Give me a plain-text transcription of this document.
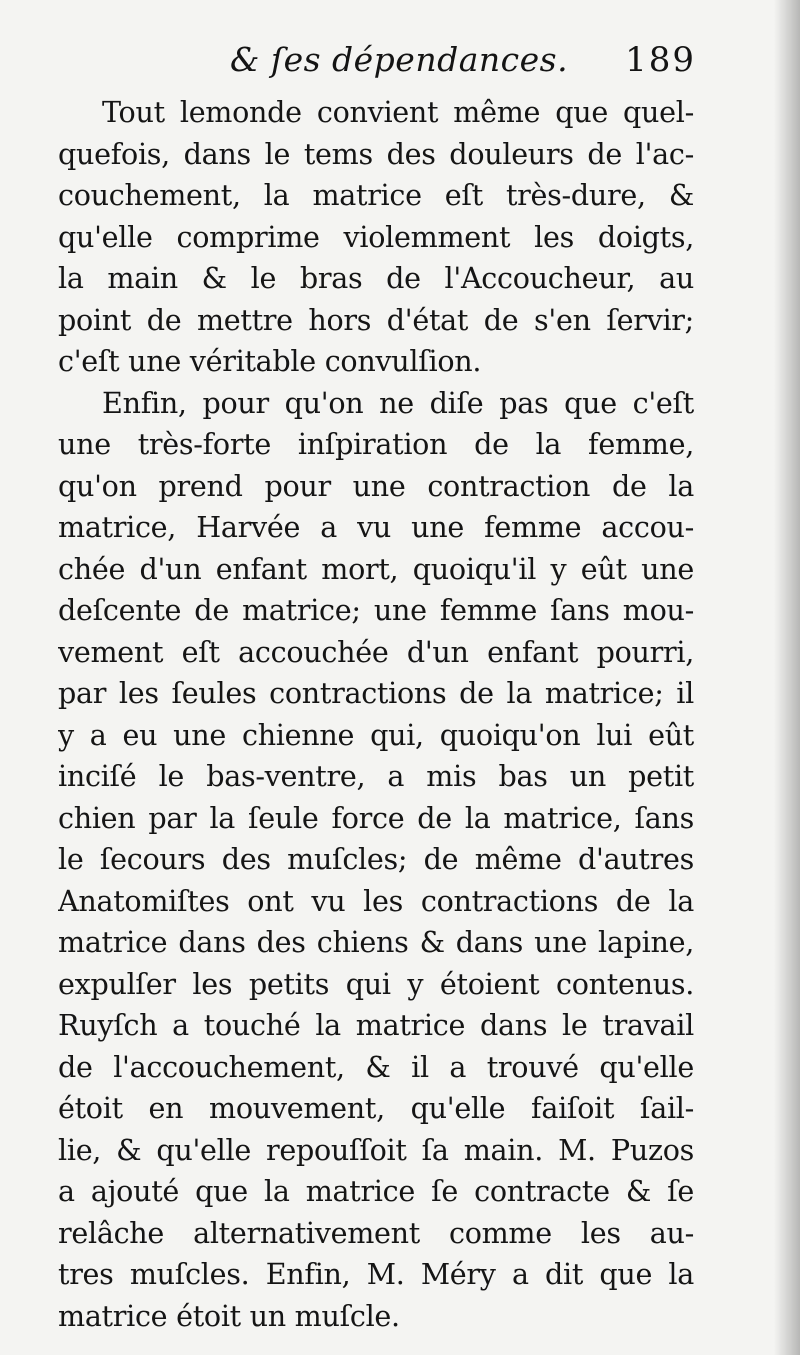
& ſes dépendances. 189
Tout lemonde convient même que quel-
quefois, dans le tems des douleurs de l'ac-
couchement, la matrice eſt très-dure, &
qu'elle comprime violemment les doigts,
la main & le bras de l'Accoucheur, au
point de mettre hors d'état de s'en ſervir;
c'eſt une véritable convulſion.
Enfin, pour qu'on ne diſe pas que c'eſt
une très-forte inſpiration de la femme,
qu'on prend pour une contraction de la
matrice, Harvée a vu une femme accou-
chée d'un enfant mort, quoiqu'il y eût une
deſcente de matrice; une femme ſans mou-
vement eſt accouchée d'un enfant pourri,
par les ſeules contractions de la matrice; il
y a eu une chienne qui, quoiqu'on lui eût
inciſé le bas-ventre, a mis bas un petit
chien par la ſeule force de la matrice, ſans
le ſecours des muſcles; de même d'autres
Anatomiſtes ont vu les contractions de la
matrice dans des chiens & dans une lapine,
expulſer les petits qui y étoient contenus.
Ruyſch a touché la matrice dans le travail
de l'accouchement, & il a trouvé qu'elle
étoit en mouvement, qu'elle faiſoit ſail-
lie, & qu'elle repouſſoit ſa main. M. Puzos
a ajouté que la matrice ſe contracte & ſe
relâche alternativement comme les au-
tres muſcles. Enfin, M. Méry a dit que la
matrice étoit un muſcle.
